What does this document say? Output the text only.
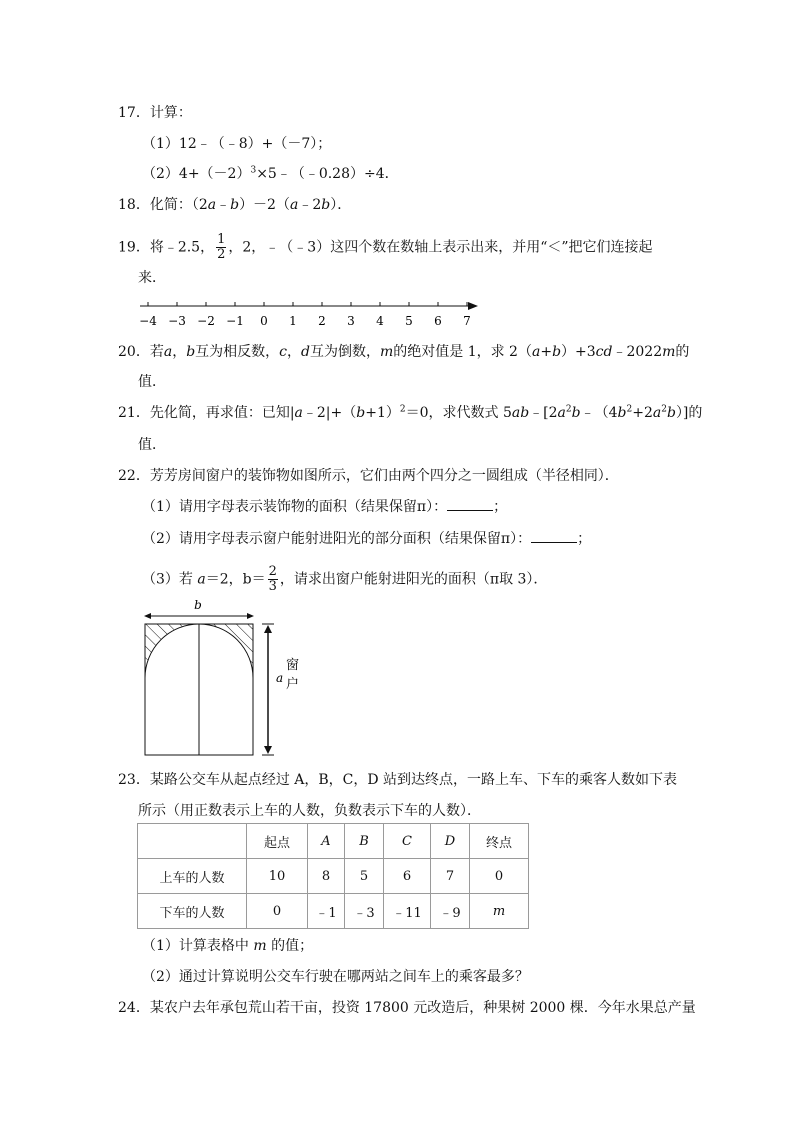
17．计算：
（1）12﹣（﹣8）+（－7）；
$(2)4+(-2)^3\times 5﹣(﹣0.28)\div 4$．
18．化简：（2a﹣b）－2（a﹣2b）．
19．将﹣2.5， $\frac{1}{2}$ ，2，﹣（﹣3）这四个数在数轴上表示出来，并用“＜”把它们连接起
来．
−4 −3 −2 −1 0 1 2 3 4 5 6 7
20．若a，b互为相反数，c，d互为倒数，m的绝对值是 1，求 2（a+b）+3cd﹣2022m的
值．
21．先化简，再求值：已知$|a﹣2|+(b+1)^2=0$，求代数式 $5ab﹣[2a^2b﹣(4b^2+2a^2b)]$的
值．
22．芳芳房间窗户的装饰物如图所示，它们由两个四分之一圆组成（半径相同）．
（1）请用字母表示装饰物的面积（结果保留π）：	；
（2）请用字母表示窗户能射进阳光的部分面积（结果保留π）：	；
（3）若 a＝2，$b= \frac{2}{3}$ ，请求出窗户能射进阳光的面积（π取 3）．
b
a
窗
户
23．某路公交车从起点经过 A，B，C，D 站到达终点，一路上车、下车的乘客人数如下表
所示（用正数表示上车的人数，负数表示下车的人数）．
	起点	A	B	C	D	终点
上车的人数	10	8	5	6	7	0
下车的人数	0	﹣1	﹣3	﹣11	﹣9	m
（1）计算表格中 m 的值；
（2）通过计算说明公交车行驶在哪两站之间车上的乘客最多？
24．某农户去年承包荒山若干亩，投资 17800 元改造后，种果树 2000 棵．今年水果总产量
